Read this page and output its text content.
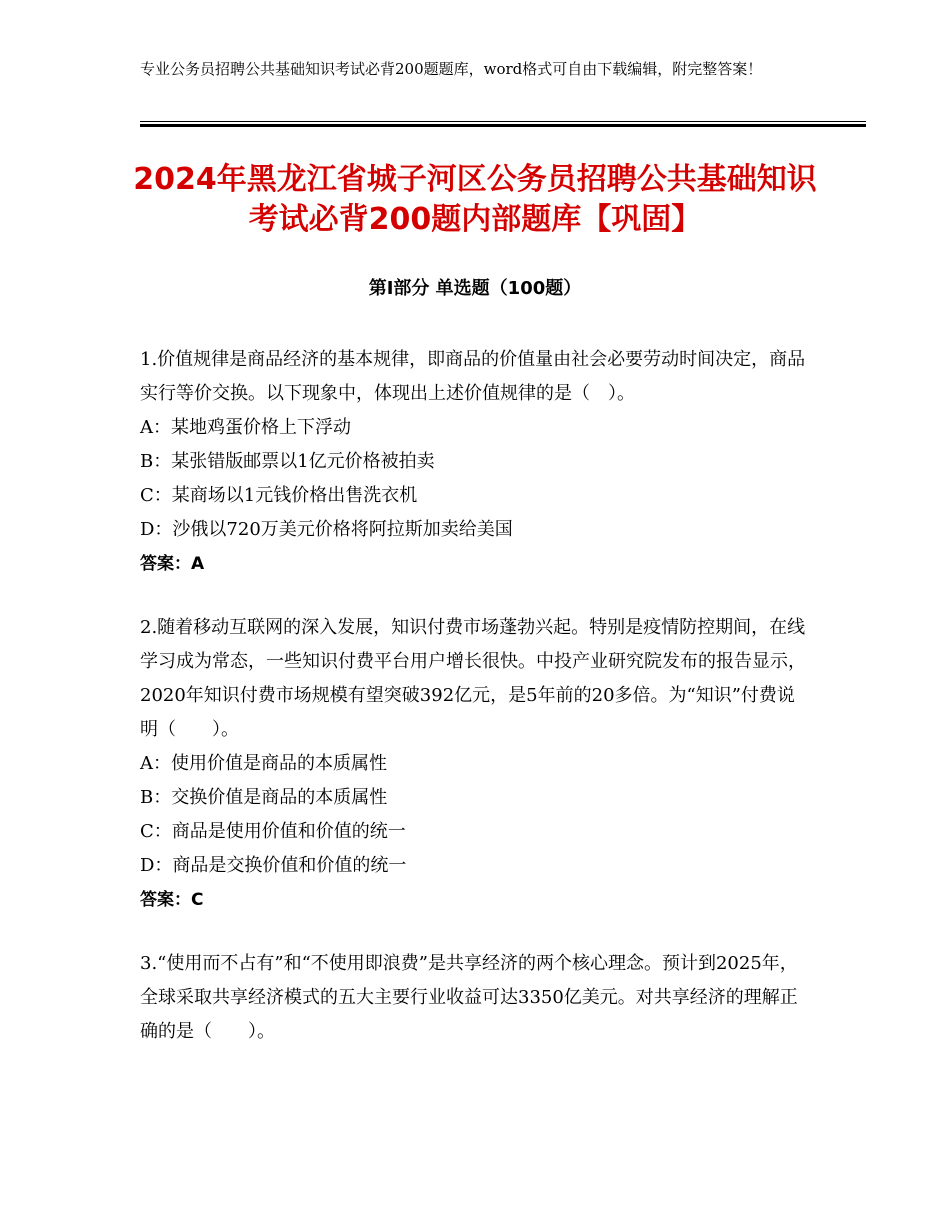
专业公务员招聘公共基础知识考试必背200题题库，word格式可自由下载编辑，附完整答案！
2024年黑龙江省城子河区公务员招聘公共基础知识考试必背200题内部题库【巩固】
第Ⅰ部分 单选题（100题）

1.价值规律是商品经济的基本规律，即商品的价值量由社会必要劳动时间决定，商品实行等价交换。以下现象中，体现出上述价值规律的是（　）。

A：某地鸡蛋价格上下浮动

B：某张错版邮票以1亿元价格被拍卖

C：某商场以1元钱价格出售洗衣机

D：沙俄以720万美元价格将阿拉斯加卖给美国

答案：A

2.随着移动互联网的深入发展，知识付费市场蓬勃兴起。特别是疫情防控期间，在线学习成为常态，一些知识付费平台用户增长很快。中投产业研究院发布的报告显示，2020年知识付费市场规模有望突破392亿元，是5年前的20多倍。为“知识”付费说明（　　）。

A：使用价值是商品的本质属性

B：交换价值是商品的本质属性

C：商品是使用价值和价值的统一

D：商品是交换价值和价值的统一

答案：C

3.“使用而不占有”和“不使用即浪费”是共享经济的两个核心理念。预计到2025年，全球采取共享经济模式的五大主要行业收益可达3350亿美元。对共享经济的理解正确的是（　　）。
